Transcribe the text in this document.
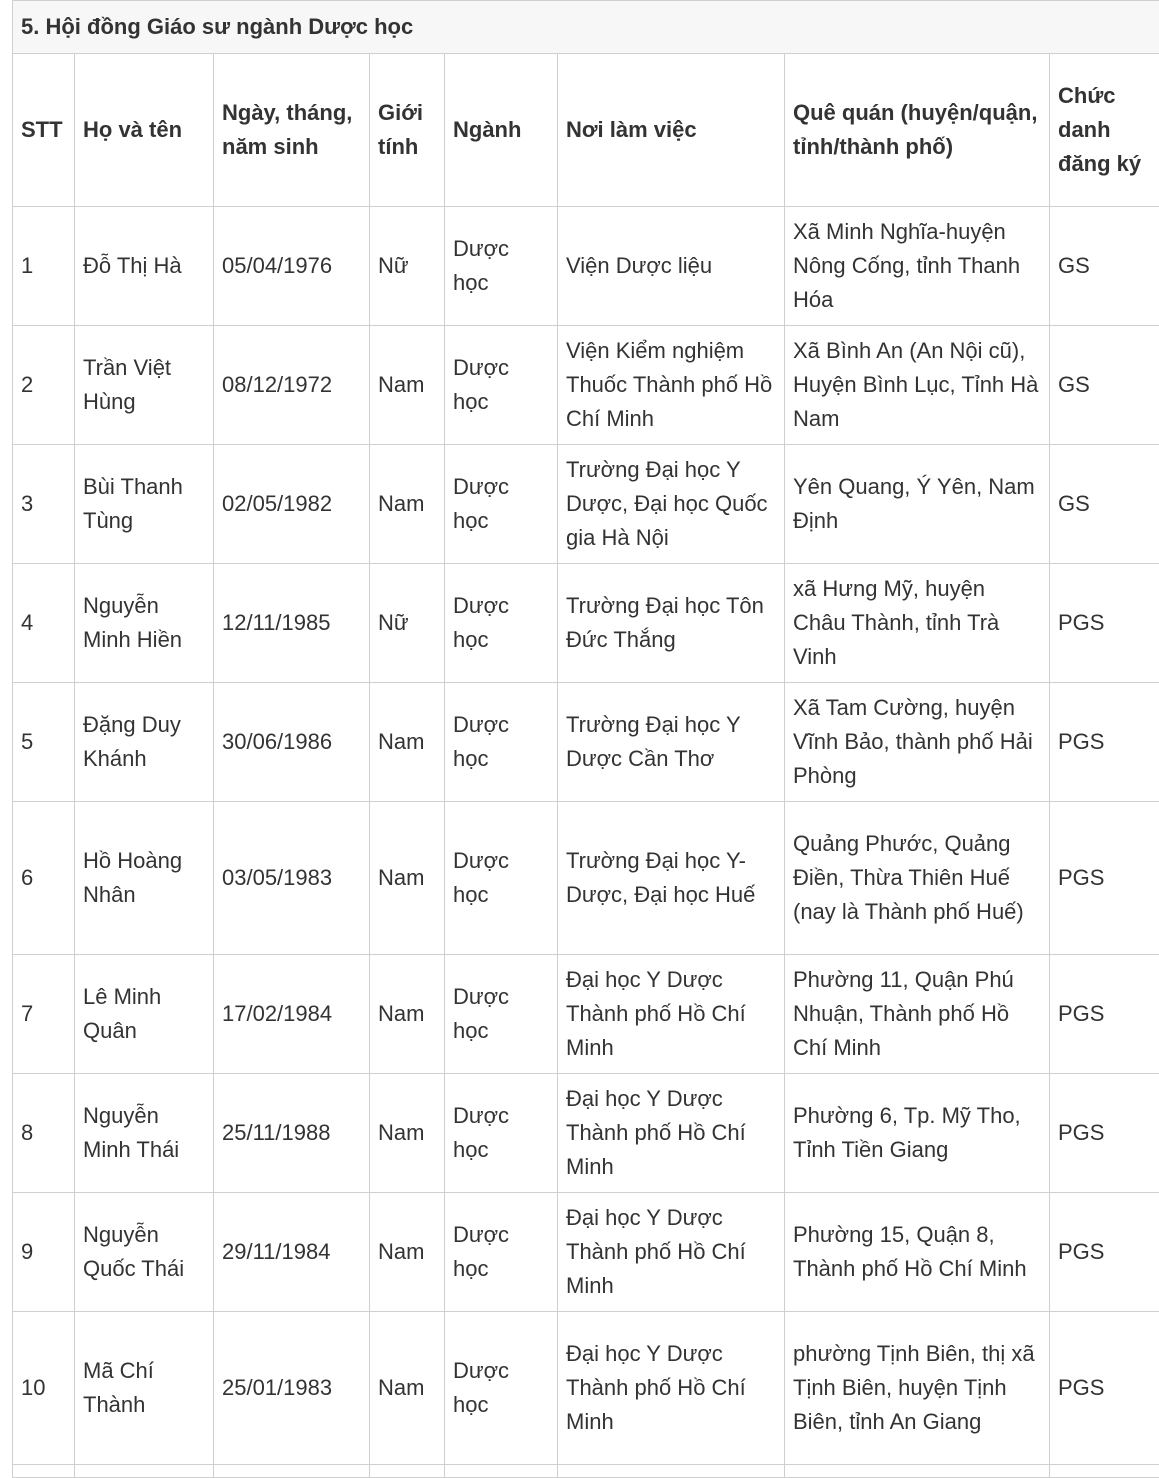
5. Hội đồng Giáo sư ngành Dược học							
STT	Họ và tên	Ngày, tháng, năm sinh	Giới tính	Ngành	Nơi làm việc	Quê quán (huyện/quận, tỉnh/thành phố)	Chức danh đăng ký
1	Đỗ Thị Hà	05/04/1976	Nữ	Dược học	Viện Dược liệu	Xã Minh Nghĩa-huyện Nông Cống, tỉnh Thanh Hóa	GS
2	Trần Việt Hùng	08/12/1972	Nam	Dược học	Viện Kiểm nghiệm Thuốc Thành phố Hồ Chí Minh	Xã Bình An (An Nội cũ), Huyện Bình Lục, Tỉnh Hà Nam	GS
3	Bùi Thanh Tùng	02/05/1982	Nam	Dược học	Trường Đại học Y Dược, Đại học Quốc gia Hà Nội	Yên Quang, Ý Yên, Nam Định	GS
4	Nguyễn Minh Hiền	12/11/1985	Nữ	Dược học	Trường Đại học Tôn Đức Thắng	xã Hưng Mỹ, huyện Châu Thành, tỉnh Trà Vinh	PGS
5	Đặng Duy Khánh	30/06/1986	Nam	Dược học	Trường Đại học Y Dược Cần Thơ	Xã Tam Cường, huyện Vĩnh Bảo, thành phố Hải Phòng	PGS
6	Hồ Hoàng Nhân	03/05/1983	Nam	Dược học	Trường Đại học Y-Dược, Đại học Huế	Quảng Phước, Quảng Điền, Thừa Thiên Huế (nay là Thành phố Huế)	PGS
7	Lê Minh Quân	17/02/1984	Nam	Dược học	Đại học Y Dược Thành phố Hồ Chí Minh	Phường 11, Quận Phú Nhuận, Thành phố Hồ Chí Minh	PGS
8	Nguyễn Minh Thái	25/11/1988	Nam	Dược học	Đại học Y Dược Thành phố Hồ Chí Minh	Phường 6, Tp. Mỹ Tho, Tỉnh Tiền Giang	PGS
9	Nguyễn Quốc Thái	29/11/1984	Nam	Dược học	Đại học Y Dược Thành phố Hồ Chí Minh	Phường 15, Quận 8, Thành phố Hồ Chí Minh	PGS
10	Mã Chí Thành	25/01/1983	Nam	Dược học	Đại học Y Dược Thành phố Hồ Chí Minh	phường Tịnh Biên, thị xã Tịnh Biên, huyện Tịnh Biên, tỉnh An Giang	PGS
